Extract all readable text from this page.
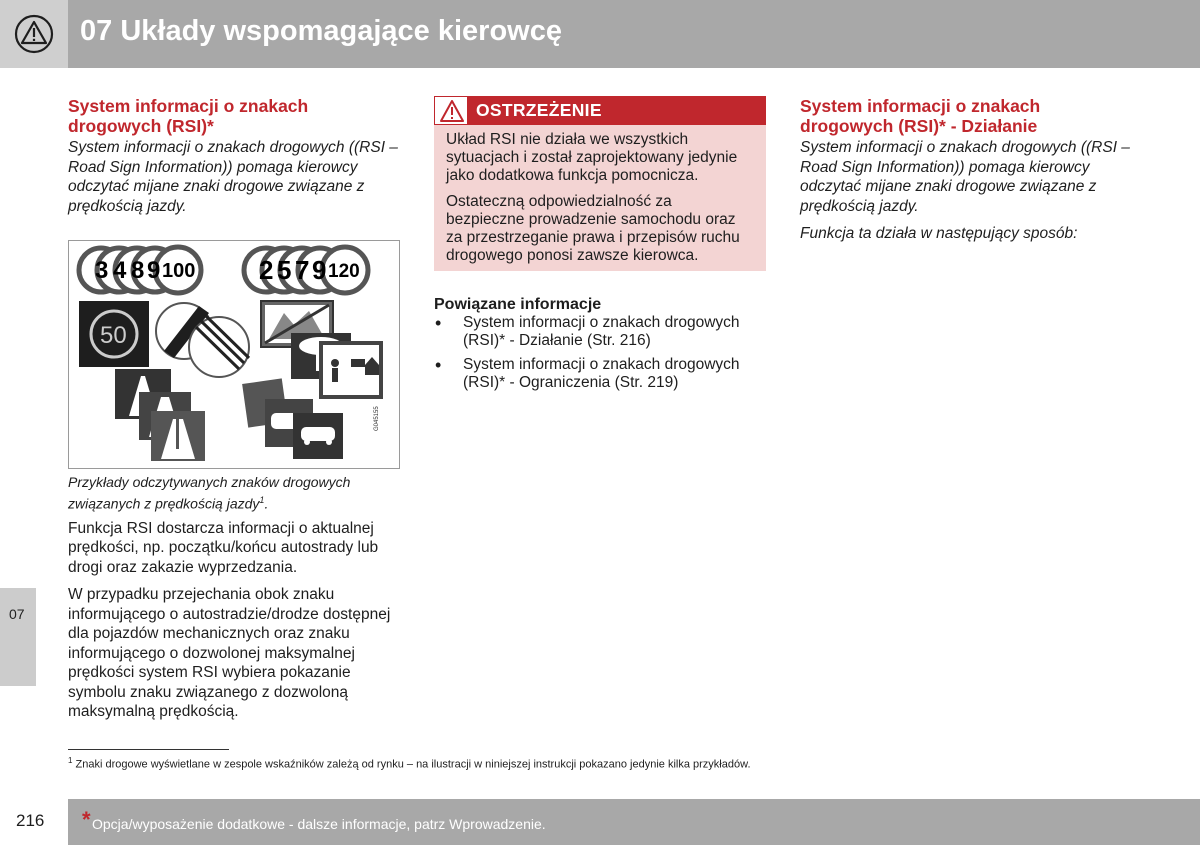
07 Układy wspomagające kierowcę
07
System informacji o znakach drogowych (RSI)*

System informacji o znakach drogowych ((RSI – Road Sign Information)) pomaga kierowcy odczytać mijane znaki drogowe związane z prędkością jazdy.

3 4 8 9 100 2 5 7 9 120
50
G045155

Przykłady odczytywanych znaków drogowych związanych z prędkością jazdy$^1$.

Funkcja RSI dostarcza informacji o aktualnej prędkości, np. początku/końcu autostrady lub drogi oraz zakazie wyprzedzania.

W przypadku przejechania obok znaku informującego o autostradzie/drodze dostępnej dla pojazdów mechanicznych oraz znaku informującego o dozwolonej maksymalnej prędkości system RSI wybiera pokazanie symbolu znaku związanego z dozwoloną maksymalną prędkością.

OSTRZEŻENIE

Układ RSI nie działa we wszystkich sytuacjach i został zaprojektowany jedynie jako dodatkowa funkcja pomocnicza.

Ostateczną odpowiedzialność za bezpieczne prowadzenie samochodu oraz za przestrzeganie prawa i przepisów ruchu drogowego ponosi zawsze kierowca.

Powiązane informacje
• System informacji o znakach drogowych (RSI)* - Działanie (Str. 216)
• System informacji o znakach drogowych (RSI)* - Ograniczenia (Str. 219)
System informacji o znakach drogowych (RSI)* - Działanie

System informacji o znakach drogowych ((RSI – Road Sign Information)) pomaga kierowcy odczytać mijane znaki drogowe związane z prędkością jazdy.

Funkcja ta działa w następujący sposób:

$^1$ Znaki drogowe wyświetlane w zespole wskaźników zależą od rynku – na ilustracji w niniejszej instrukcji pokazano jedynie kilka przykładów.
216 * Opcja/wyposażenie dodatkowe - dalsze informacje, patrz Wprowadzenie.
